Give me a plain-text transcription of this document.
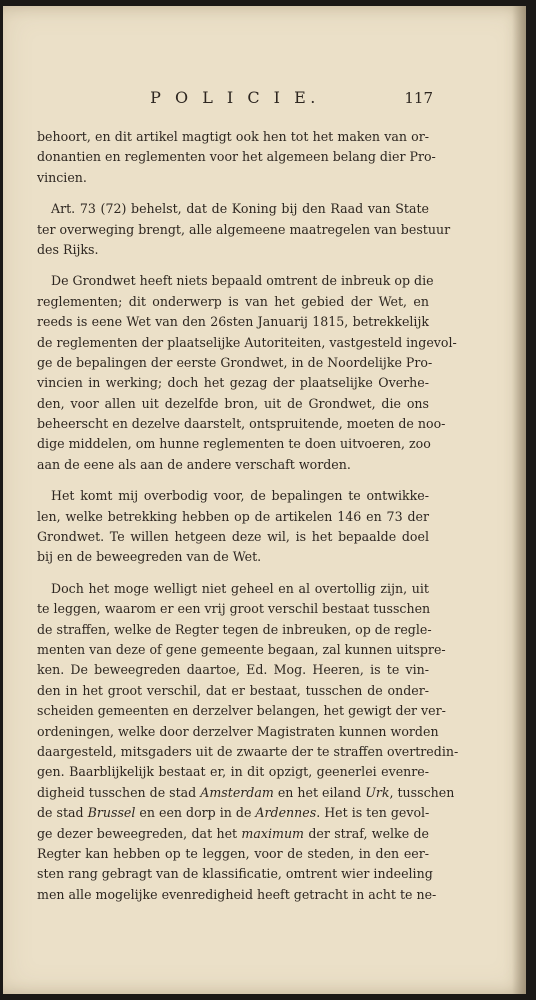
P O L I C I E.	117
behoort, en dit artikel magtigt ook hen tot het maken van or-
donantien en reglementen voor het algemeen belang dier Pro-
vincien.
Art. 73 (72) behelst, dat de Koning bij den Raad van State
ter overweging brengt, alle algemeene maatregelen van bestuur
des Rijks.
De Grondwet heeft niets bepaald omtrent de inbreuk op die
reglementen; dit onderwerp is van het gebied der Wet, en
reeds is eene Wet van den 26sten Januarij 1815, betrekkelijk
de reglementen der plaatselijke Autoriteiten, vastgesteld ingevol-
ge de bepalingen der eerste Grondwet, in de Noordelijke Pro-
vincien in werking; doch het gezag der plaatselijke Overhe-
den, voor allen uit dezelfde bron, uit de Grondwet, die ons
beheerscht en dezelve daarstelt, ontspruitende, moeten de noo-
dige middelen, om hunne reglementen te doen uitvoeren, zoo
aan de eene als aan de andere verschaft worden.
Het komt mij overbodig voor, de bepalingen te ontwikke-
len, welke betrekking hebben op de artikelen 146 en 73 der
Grondwet. Te willen hetgeen deze wil, is het bepaalde doel
bij en de beweegreden van de Wet.
Doch het moge welligt niet geheel en al overtollig zijn, uit
te leggen, waarom er een vrij groot verschil bestaat tusschen
de straffen, welke de Regter tegen de inbreuken, op de regle-
menten van deze of gene gemeente begaan, zal kunnen uitspre-
ken. De beweegreden daartoe, Ed. Mog. Heeren, is te vin-
den in het groot verschil, dat er bestaat, tusschen de onder-
scheiden gemeenten en derzelver belangen, het gewigt der ver-
ordeningen, welke door derzelver Magistraten kunnen worden
daargesteld, mitsgaders uit de zwaarte der te straffen overtredin-
gen. Baarblijkelijk bestaat er, in dit opzigt, geenerlei evenre-
digheid tusschen de stad Amsterdam en het eiland Urk, tusschen
de stad Brussel en een dorp in de Ardennes. Het is ten gevol-
ge dezer beweegreden, dat het maximum der straf, welke de
Regter kan hebben op te leggen, voor de steden, in den eer-
sten rang gebragt van de klassificatie, omtrent wier indeeling
men alle mogelijke evenredigheid heeft getracht in acht te ne-
